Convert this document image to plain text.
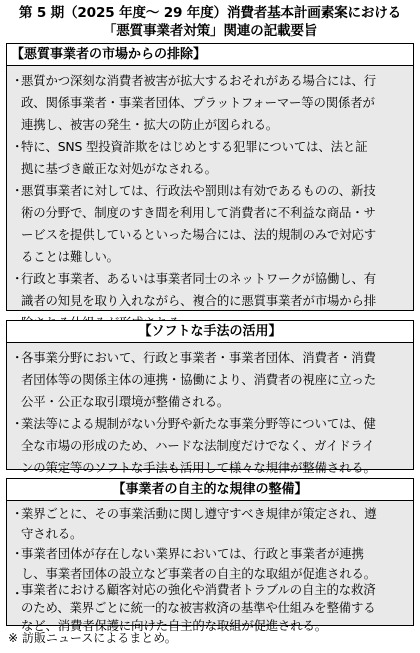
第 5 期（2025 年度～ 29 年度）消費者基本計画素案における
「悪質事業者対策」関連の記載要旨
【悪質事業者の市場からの排除】
・
悪質かつ深刻な消費者被害が拡大するおそれがある場合には、行
政、関係事業者・事業者団体、プラットフォーマー等の関係者が
連携し、被害の発生・拡大の防止が図られる。
・
特に、SNS 型投資詐欺をはじめとする犯罪については、法と証
拠に基づき厳正な対処がなされる。
・
悪質事業者に対しては、行政法や罰則は有効であるものの、新技
術の分野で、制度のすき間を利用して消費者に不利益な商品・サ
ービスを提供しているといった場合には、法的規制のみで対応す
ることは難しい。
・
行政と事業者、あるいは事業者同士のネットワークが協働し、有
識者の知見を取り入れながら、複合的に悪質事業者が市場から排
【ソフトな手法の活用】
・
各事業分野において、行政と事業者・事業者団体、消費者・消費
者団体等の関係主体の連携・協働により、消費者の視座に立った
公平・公正な取引環境が整備される。
・
業法等による規制がない分野や新たな事業分野等については、健
全な市場の形成のため、ハードな法制度だけでなく、ガイドライ
ンの策定等のソフトな手法も活用して様々な規律が整備される。
【事業者の自主的な規律の整備】
・
業界ごとに、その事業活動に関し遵守すべき規律が策定され、遵
守される。
・
事業者団体が存在しない業界においては、行政と事業者が連携
し、事業者団体の設立など事業者の自主的な取組が促進される。
・
事業者における顧客対応の強化や消費者トラブルの自主的な救済
のため、業界ごとに統一的な被害救済の基準や仕組みを整備する
など、消費者保護に向けた自主的な取組が促進される。
※ 訪販ニュースによるまとめ。
